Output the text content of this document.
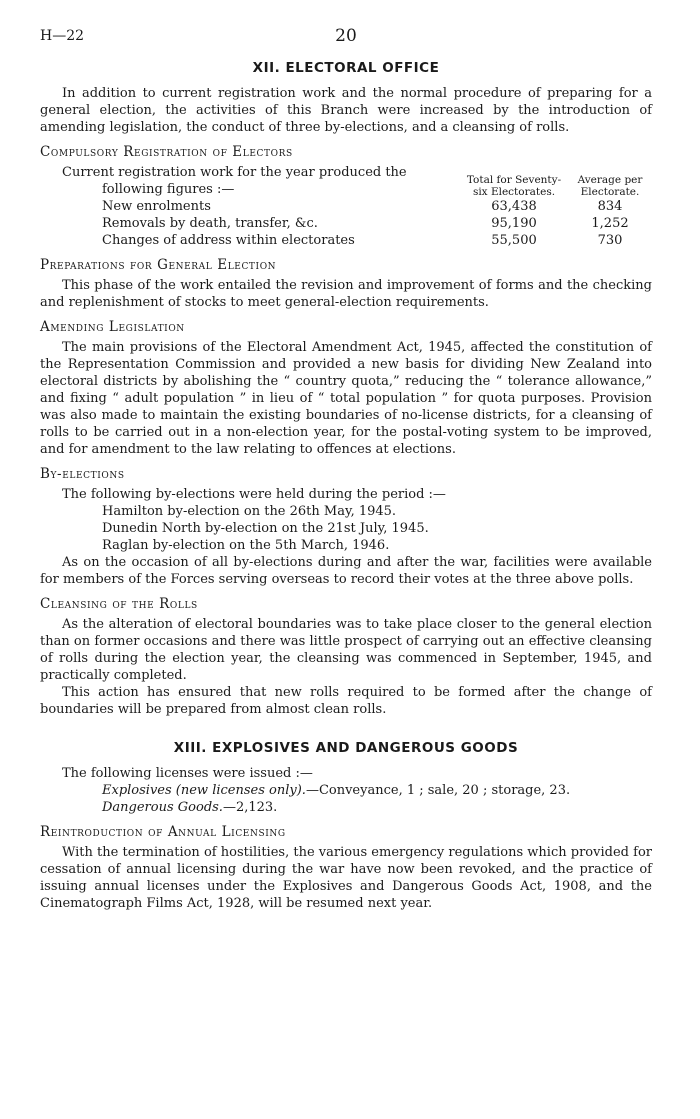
H—22	20
XII. ELECTORAL OFFICE

In addition to current registration work and the normal procedure of preparing for a general election, the activities of this Branch were increased by the introduction of amending legislation, the conduct of three by-elections, and a cleansing of rolls.

Compulsory Registration of Electors
Current registration work for the year produced the
following figures :—	Total for Seventy-six Electorates.	Average per Electorate.
New enrolments	63,438	834
Removals by death, transfer, &c.	95,190	1,252
Changes of address within electorates	55,500	730
Preparations for General Election

This phase of the work entailed the revision and improvement of forms and the checking and replenishment of stocks to meet general-election requirements.

Amending Legislation

The main provisions of the Electoral Amendment Act, 1945, affected the constitution of the Representation Commission and provided a new basis for dividing New Zealand into electoral districts by abolishing the “ country quota,” reducing the “ tolerance allowance,” and fixing “ adult population ” in lieu of “ total population ” for quota purposes. Provision was also made to maintain the existing boundaries of no-license districts, for a cleansing of rolls to be carried out in a non-election year, for the postal-voting system to be improved, and for amendment to the law relating to offences at elections.

By-elections

The following by-elections were held during the period :—

Hamilton by-election on the 26th May, 1945.
Dunedin North by-election on the 21st July, 1945.
Raglan by-election on the 5th March, 1946.

As on the occasion of all by-elections during and after the war, facilities were available for members of the Forces serving overseas to record their votes at the three above polls.

Cleansing of the Rolls

As the alteration of electoral boundaries was to take place closer to the general election than on former occasions and there was little prospect of carrying out an effective cleansing of rolls during the election year, the cleansing was commenced in September, 1945, and practically completed.

This action has ensured that new rolls required to be formed after the change of boundaries will be prepared from almost clean rolls.

XIII. EXPLOSIVES AND DANGEROUS GOODS

The following licenses were issued :—

Explosives (new licenses only).—Conveyance, 1 ; sale, 20 ; storage, 23.
Dangerous Goods.—2,123.
Reintroduction of Annual Licensing

With the termination of hostilities, the various emergency regulations which provided for cessation of annual licensing during the war have now been revoked, and the practice of issuing annual licenses under the Explosives and Dangerous Goods Act, 1908, and the Cinematograph Films Act, 1928, will be resumed next year.
